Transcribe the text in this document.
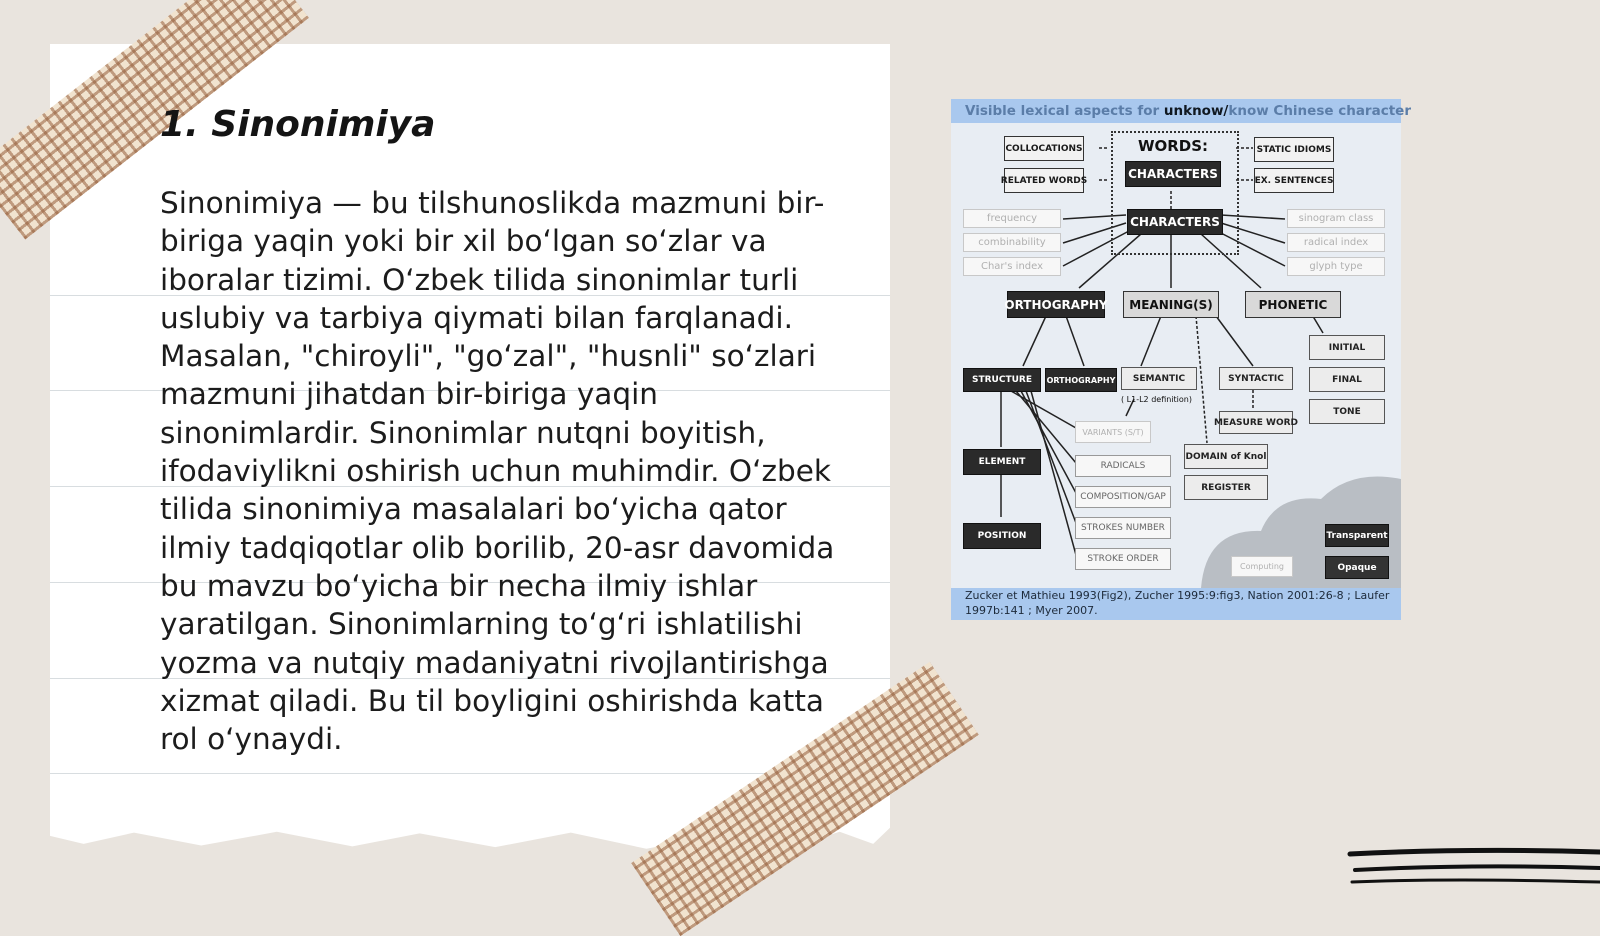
1. Sinonimiya

Sinonimiya — bu tilshunoslikda mazmuni bir-biriga yaqin yoki bir xil bo‘lgan so‘zlar va iboralar tizimi. O‘zbek tilida sinonimlar turli uslubiy va tarbiya qiymati bilan farqlanadi. Masalan, "chiroyli", "go‘zal", "husnli" so‘zlari mazmuni jihatdan bir-biriga yaqin sinonimlardir. Sinonimlar nutqni boyitish, ifodaviylikni oshirish uchun muhimdir. O‘zbek tilida sinonimiya masalalari bo‘yicha qator ilmiy tadqiqotlar olib borilib, 20-asr davomida bu mavzu bo‘yicha bir necha ilmiy ishlar yaratilgan. Sinonimlarning to‘g‘ri ishlatilishi yozma va nutqiy madaniyatni rivojlantirishga xizmat qiladi. Bu til boyligini oshirishda katta rol o‘ynaydi.

Visible lexical aspects for unknow/know Chinese character

WORDS:
CHARACTERS
CHARACTERS
COLLOCATIONS
RELATED WORDS
STATIC IDIOMS
EX. SENTENCES
frequency
combinability
Char's index
sinogram class
radical index
glyph type
ORTHOGRAPHY	MEANING(S)	PHONETIC
INITIAL
FINAL
TONE
STRUCTURE	ORTHOGRAPHY	SEMANTIC
( L1-L2 definition)
SYNTACTIC
MEASURE WORD
VARIANTS (S/T)
RADICALS
COMPOSITION/GAP
STROKES NUMBER
STROKE ORDER
DOMAIN of Knol
REGISTER
ELEMENT
POSITION	Transparent
Opaque
Computing

Zucker et Mathieu 1993(Fig2), Zucher 1995:9:fig3, Nation 2001:26-8 ; Laufer 1997b:141 ; Myer 2007.
